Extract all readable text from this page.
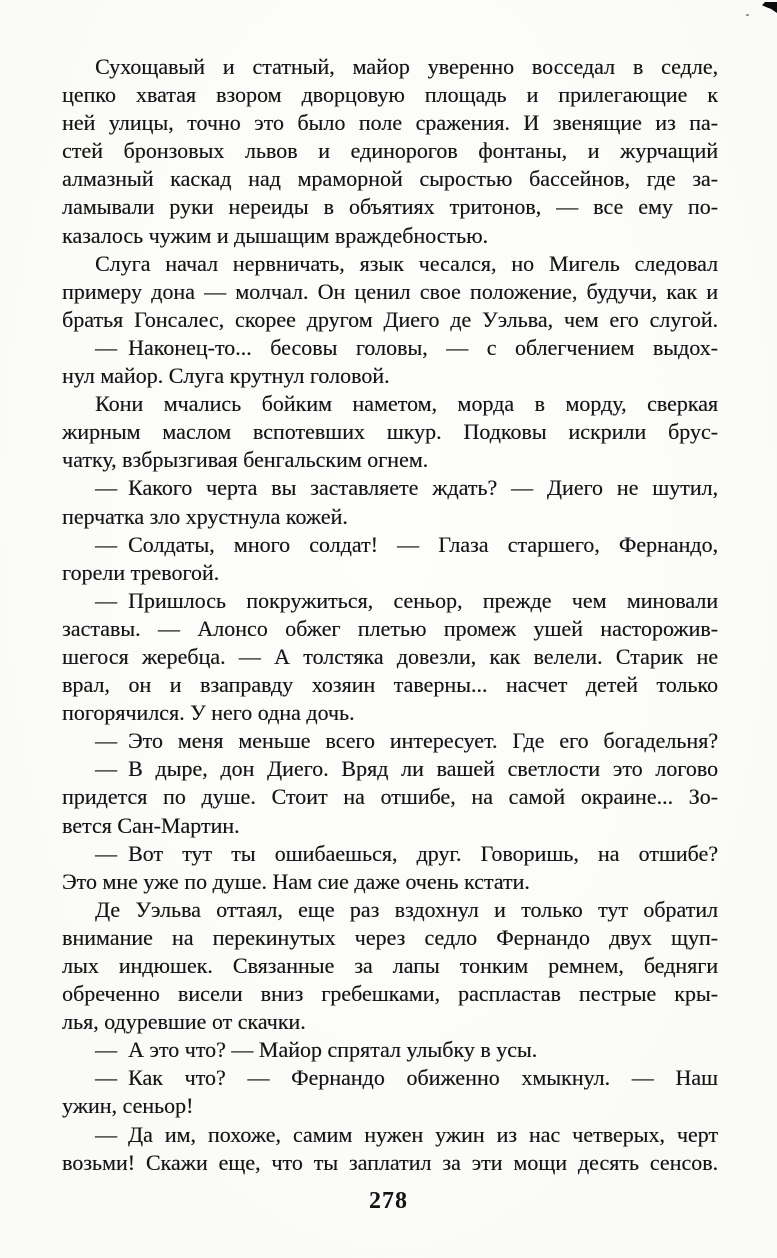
Сухощавый и статный, майор уверенно восседал в седле,
цепко хватая взором дворцовую площадь и прилегающие к
ней улицы, точно это было поле сражения. И звенящие из па-
стей бронзовых львов и единорогов фонтаны, и журчащий
алмазный каскад над мраморной сыростью бассейнов, где за-
ламывали руки нереиды в объятиях тритонов, — все ему по-
казалось чужим и дышащим враждебностью.
Слуга начал нервничать, язык чесался, но Мигель следовал
примеру дона — молчал. Он ценил свое положение, будучи, как и
братья Гонсалес, скорее другом Диего де Уэльва, чем его слугой.
— Наконец-то... бесовы головы, — с облегчением выдох-
нул майор. Слуга крутнул головой.
Кони мчались бойким наметом, морда в морду, сверкая
жирным маслом вспотевших шкур. Подковы искрили брус-
чатку, взбрызгивая бенгальским огнем.
— Какого черта вы заставляете ждать? — Диего не шутил,
перчатка зло хрустнула кожей.
— Солдаты, много солдат! — Глаза старшего, Фернандо,
горели тревогой.
— Пришлось покружиться, сеньор, прежде чем миновали
заставы. — Алонсо обжег плетью промеж ушей насторожив-
шегося жеребца. — А толстяка довезли, как велели. Старик не
врал, он и взаправду хозяин таверны... насчет детей только
погорячился. У него одна дочь.
— Это меня меньше всего интересует. Где его богадельня?
— В дыре, дон Диего. Вряд ли вашей светлости это логово
придется по душе. Стоит на отшибе, на самой окраине... Зо-
вется Сан-Мартин.
— Вот тут ты ошибаешься, друг. Говоришь, на отшибе?
Это мне уже по душе. Нам сие даже очень кстати.
Де Уэльва оттаял, еще раз вздохнул и только тут обратил
внимание на перекинутых через седло Фернандо двух щуп-
лых индюшек. Связанные за лапы тонким ремнем, бедняги
обреченно висели вниз гребешками, распластав пестрые кры-
лья, одуревшие от скачки.
— А это что? — Майор спрятал улыбку в усы.
— Как что? — Фернандо обиженно хмыкнул. — Наш
ужин, сеньор!
— Да им, похоже, самим нужен ужин из нас четверых, черт
возьми! Скажи еще, что ты заплатил за эти мощи десять сенсов.
278
